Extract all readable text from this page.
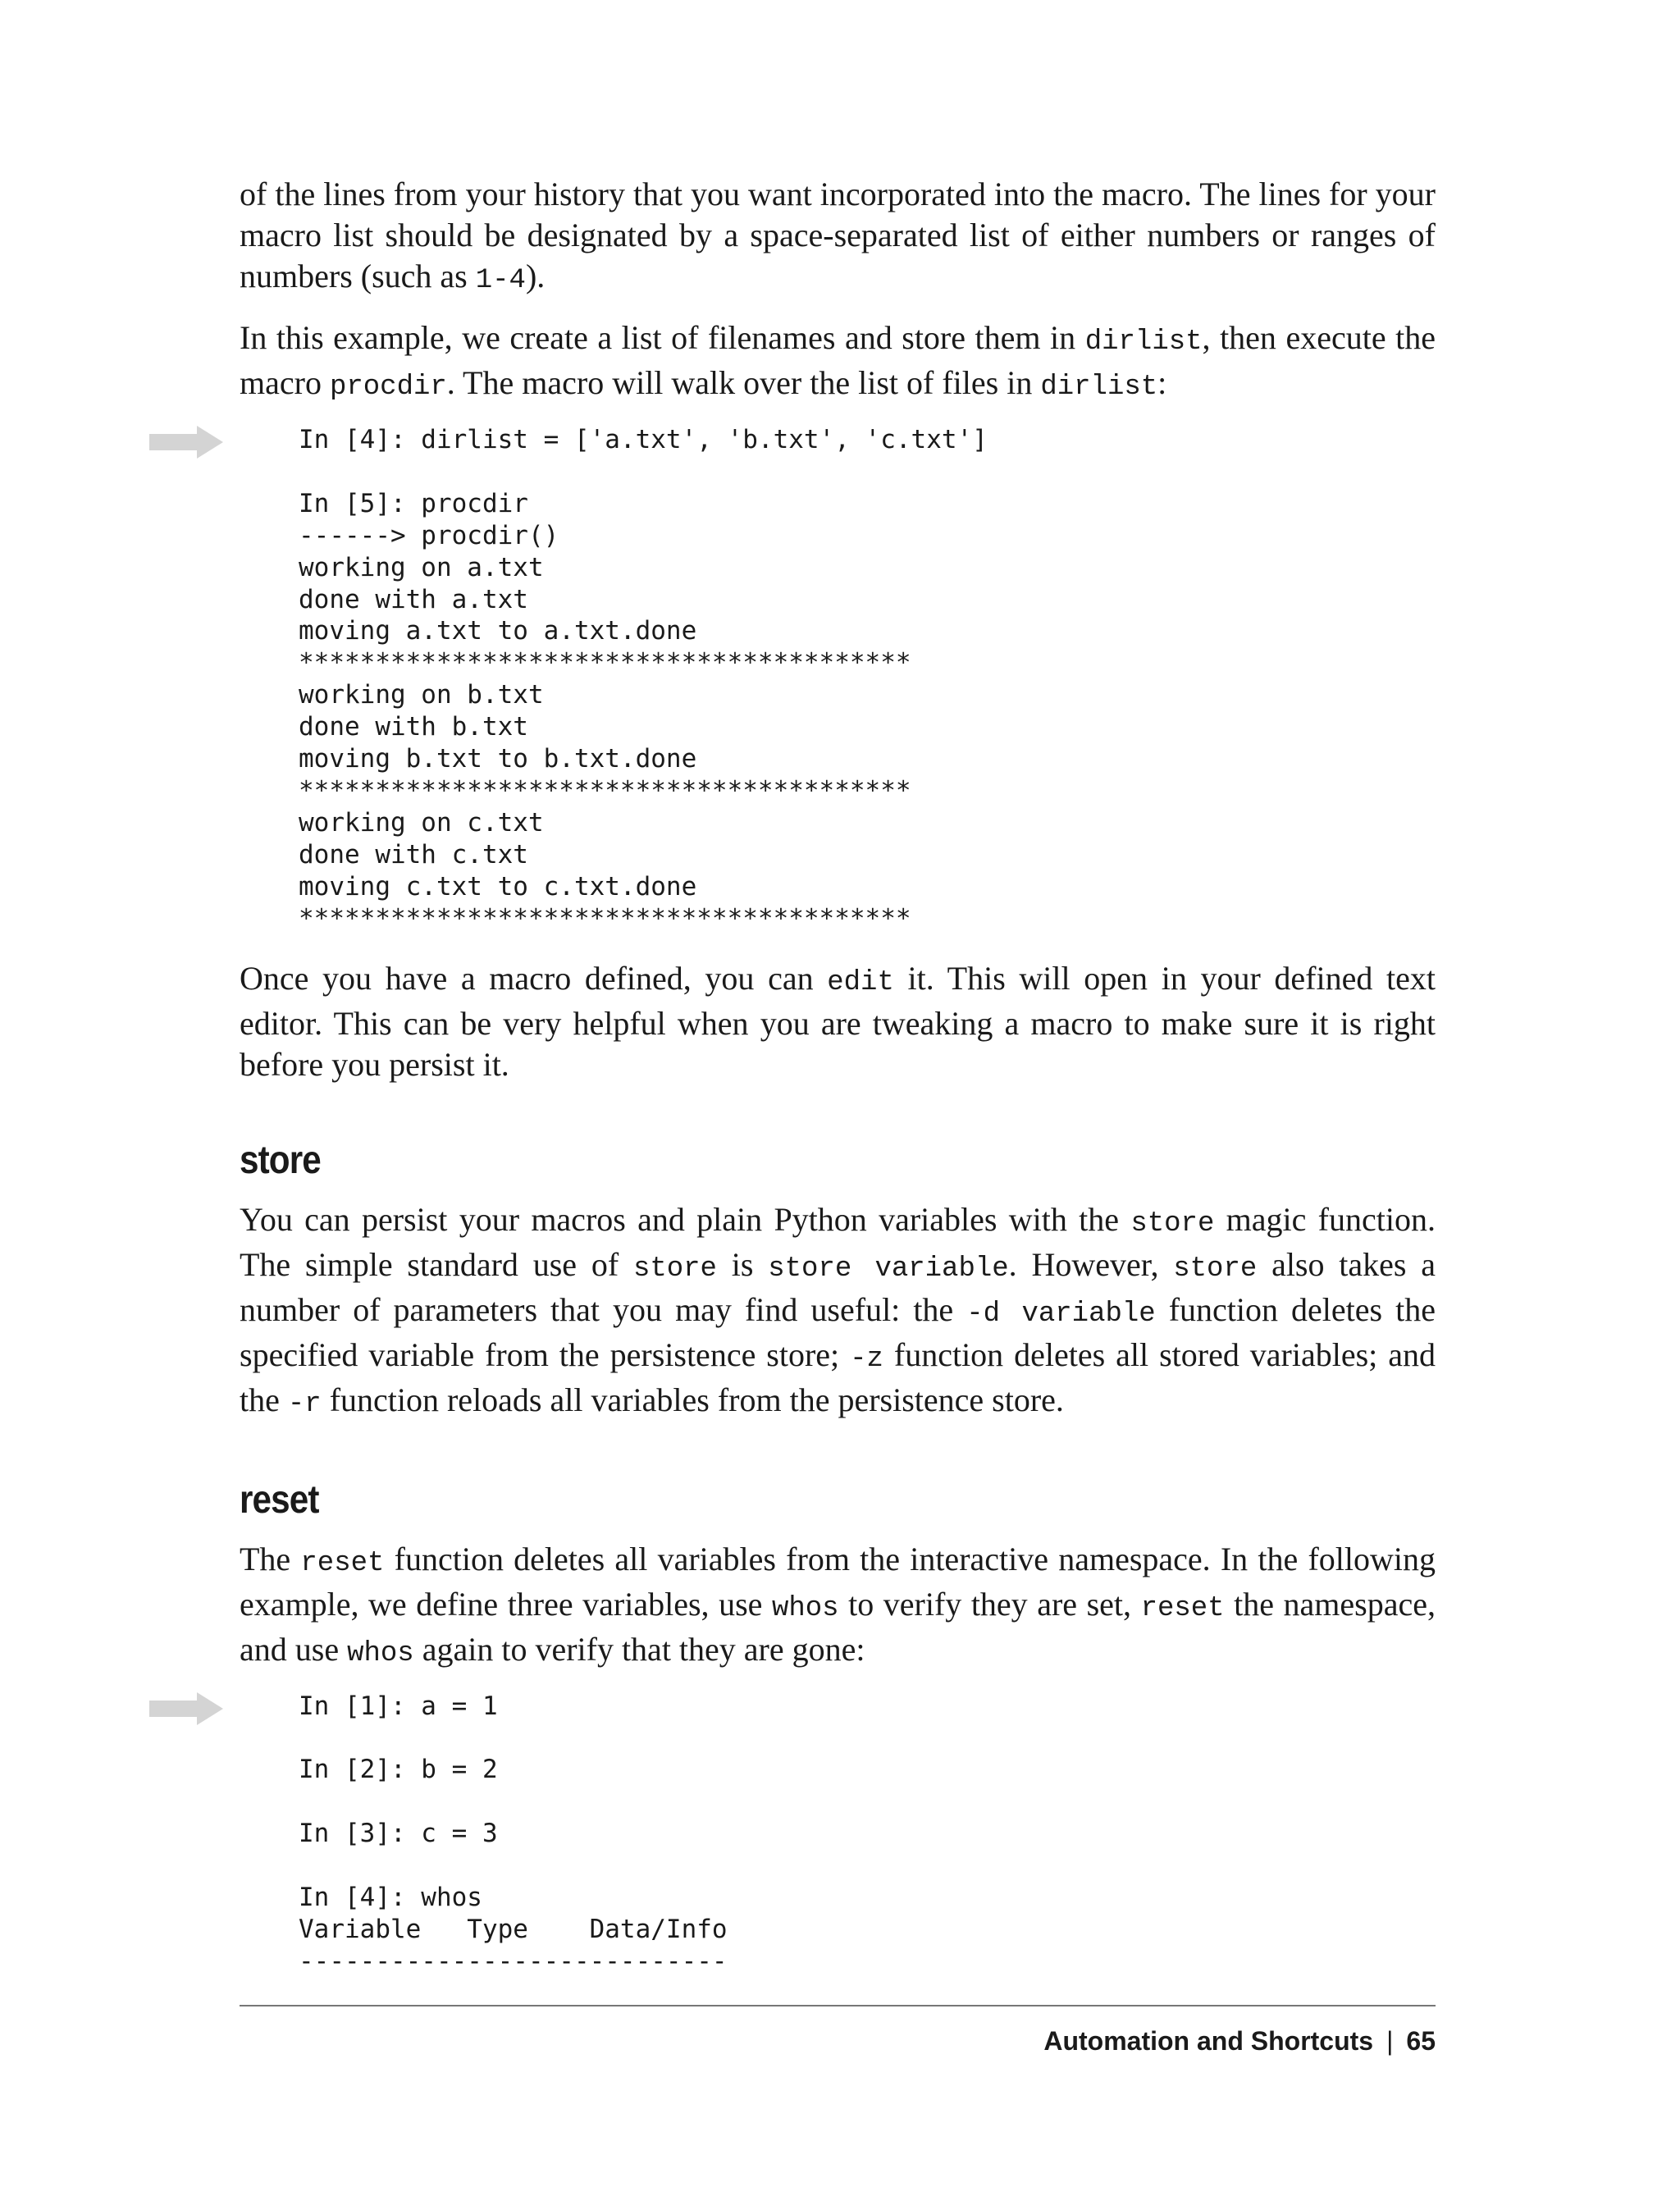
of the lines from your history that you want incorporated into the macro. The lines for your macro list should be designated by a space-separated list of either numbers or ranges of numbers (such as 1-4).

In this example, we create a list of filenames and store them in dirlist, then execute the macro procdir. The macro will walk over the list of files in dirlist:

In [4]: dirlist = ['a.txt', 'b.txt', 'c.txt']

In [5]: procdir
------> procdir()
working on a.txt
done with a.txt
moving a.txt to a.txt.done
****************************************
working on b.txt
done with b.txt
moving b.txt to b.txt.done
****************************************
working on c.txt
done with c.txt
moving c.txt to c.txt.done
****************************************

Once you have a macro defined, you can edit it. This will open in your defined text editor. This can be very helpful when you are tweaking a macro to make sure it is right before you persist it.

store

You can persist your macros and plain Python variables with the store magic function. The simple standard use of store is store variable. However, store also takes a number of parameters that you may find useful: the -d variable function deletes the specified variable from the persistence store; -z function deletes all stored variables; and the -r function reloads all variables from the persistence store.

reset

The reset function deletes all variables from the interactive namespace. In the following example, we define three variables, use whos to verify they are set, reset the namespace, and use whos again to verify that they are gone:

In [1]: a = 1

In [2]: b = 2

In [3]: c = 3

In [4]: whos
Variable   Type    Data/Info
----------------------------
Automation and Shortcuts | 65
